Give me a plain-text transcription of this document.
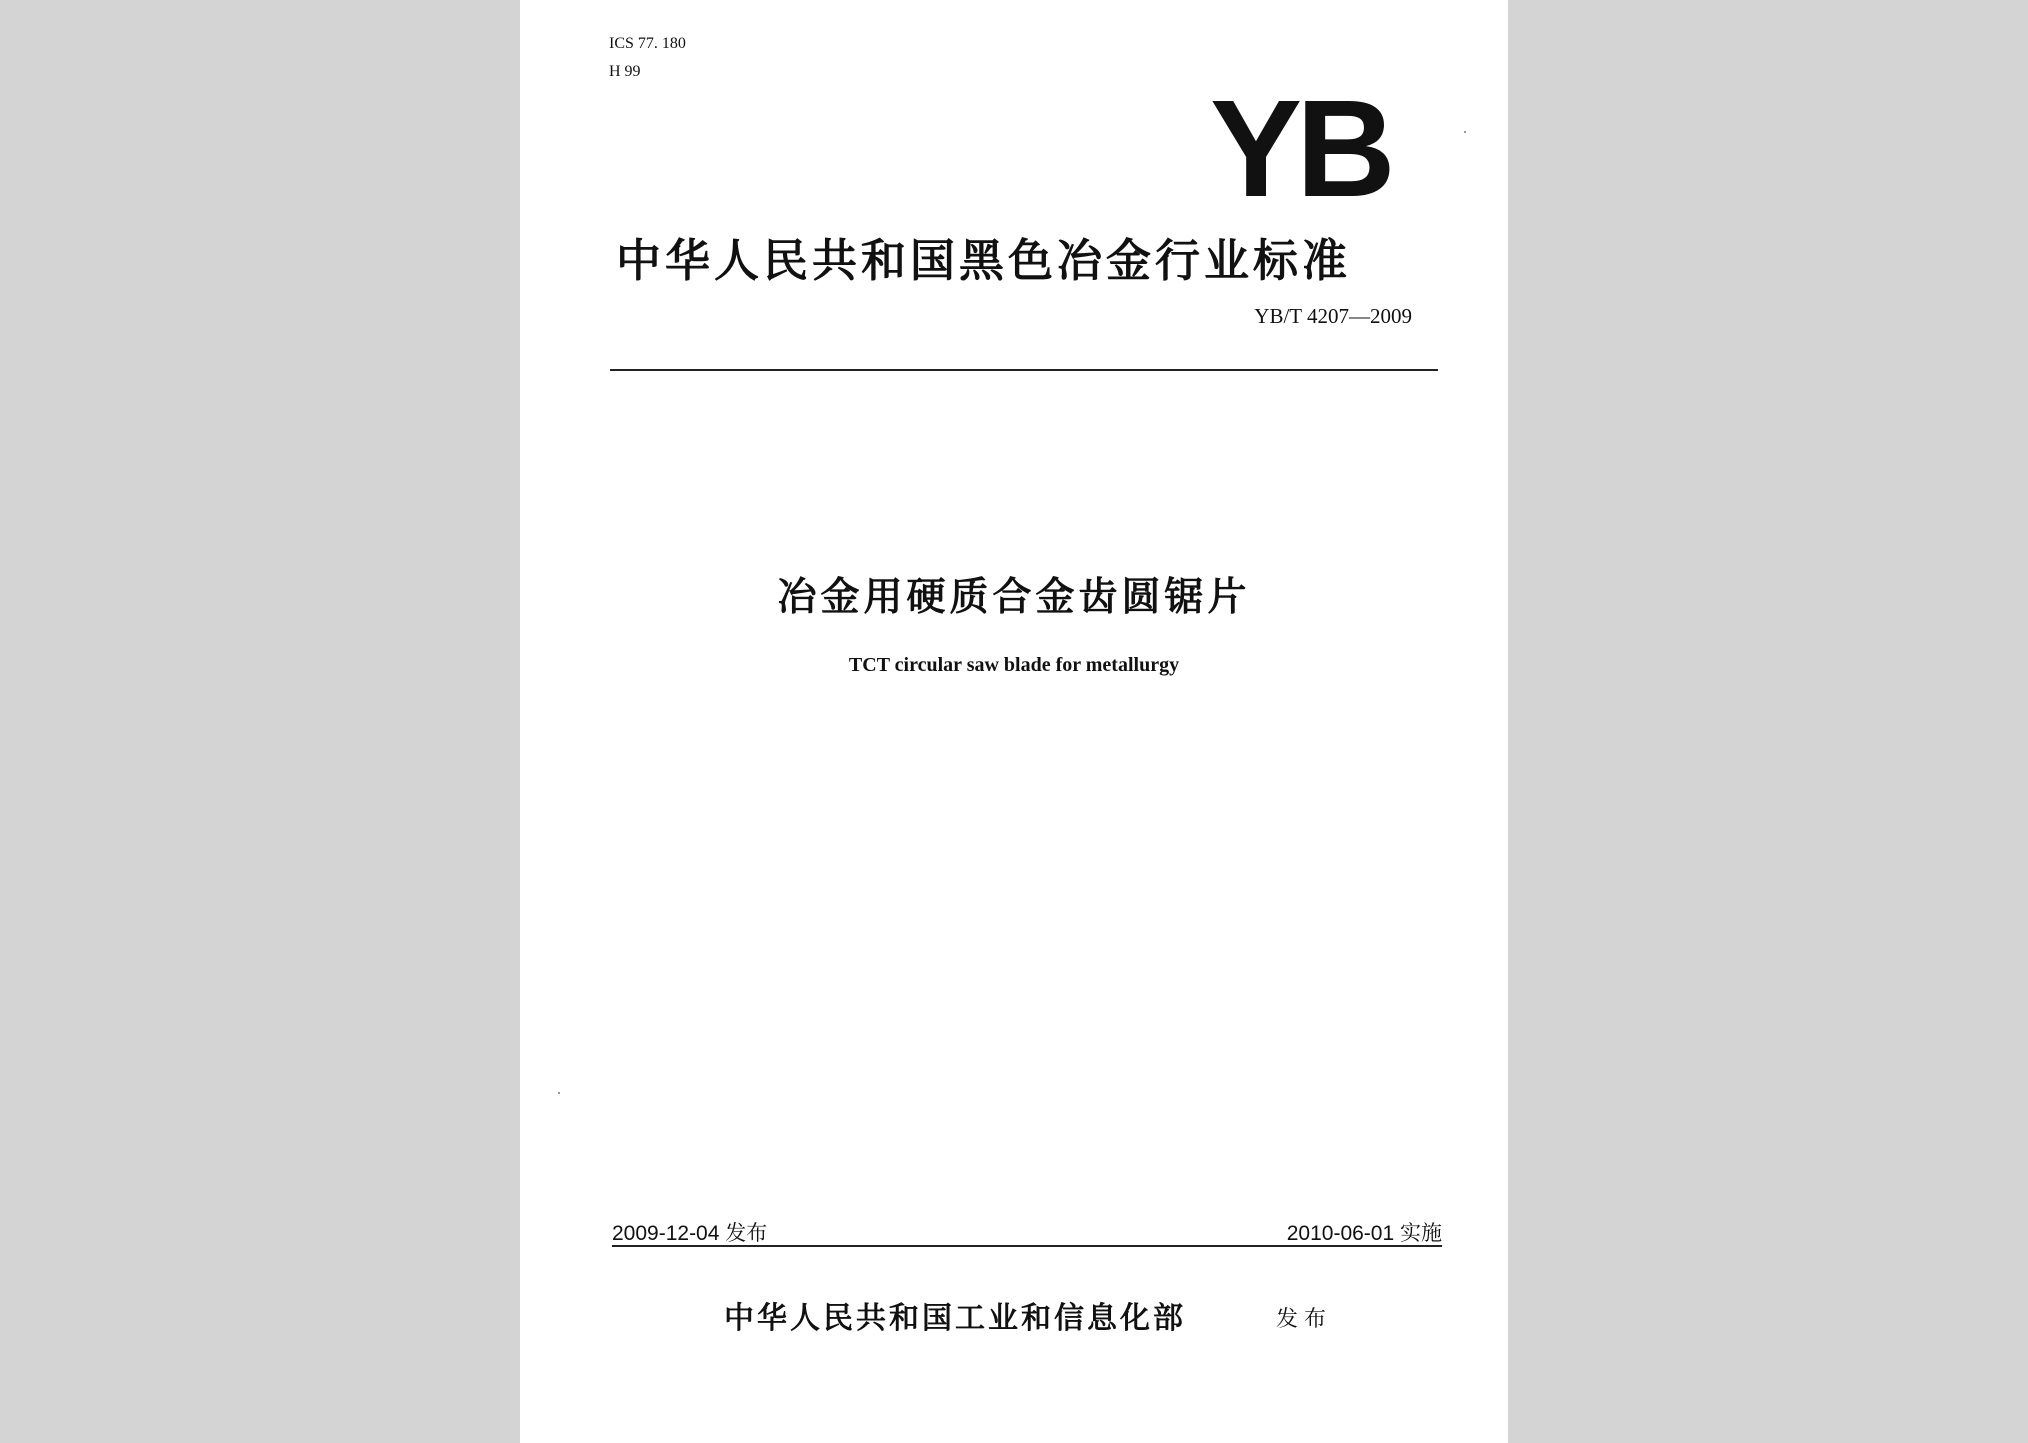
ICS 77. 180
H 99
YB
中华人民共和国黑色冶金行业标准
YB/T 4207—2009
冶金用硬质合金齿圆锯片
TCT circular saw blade for metallurgy
2009-12-04 发布	2010-06-01 实施
中华人民共和国工业和信息化部	发布
